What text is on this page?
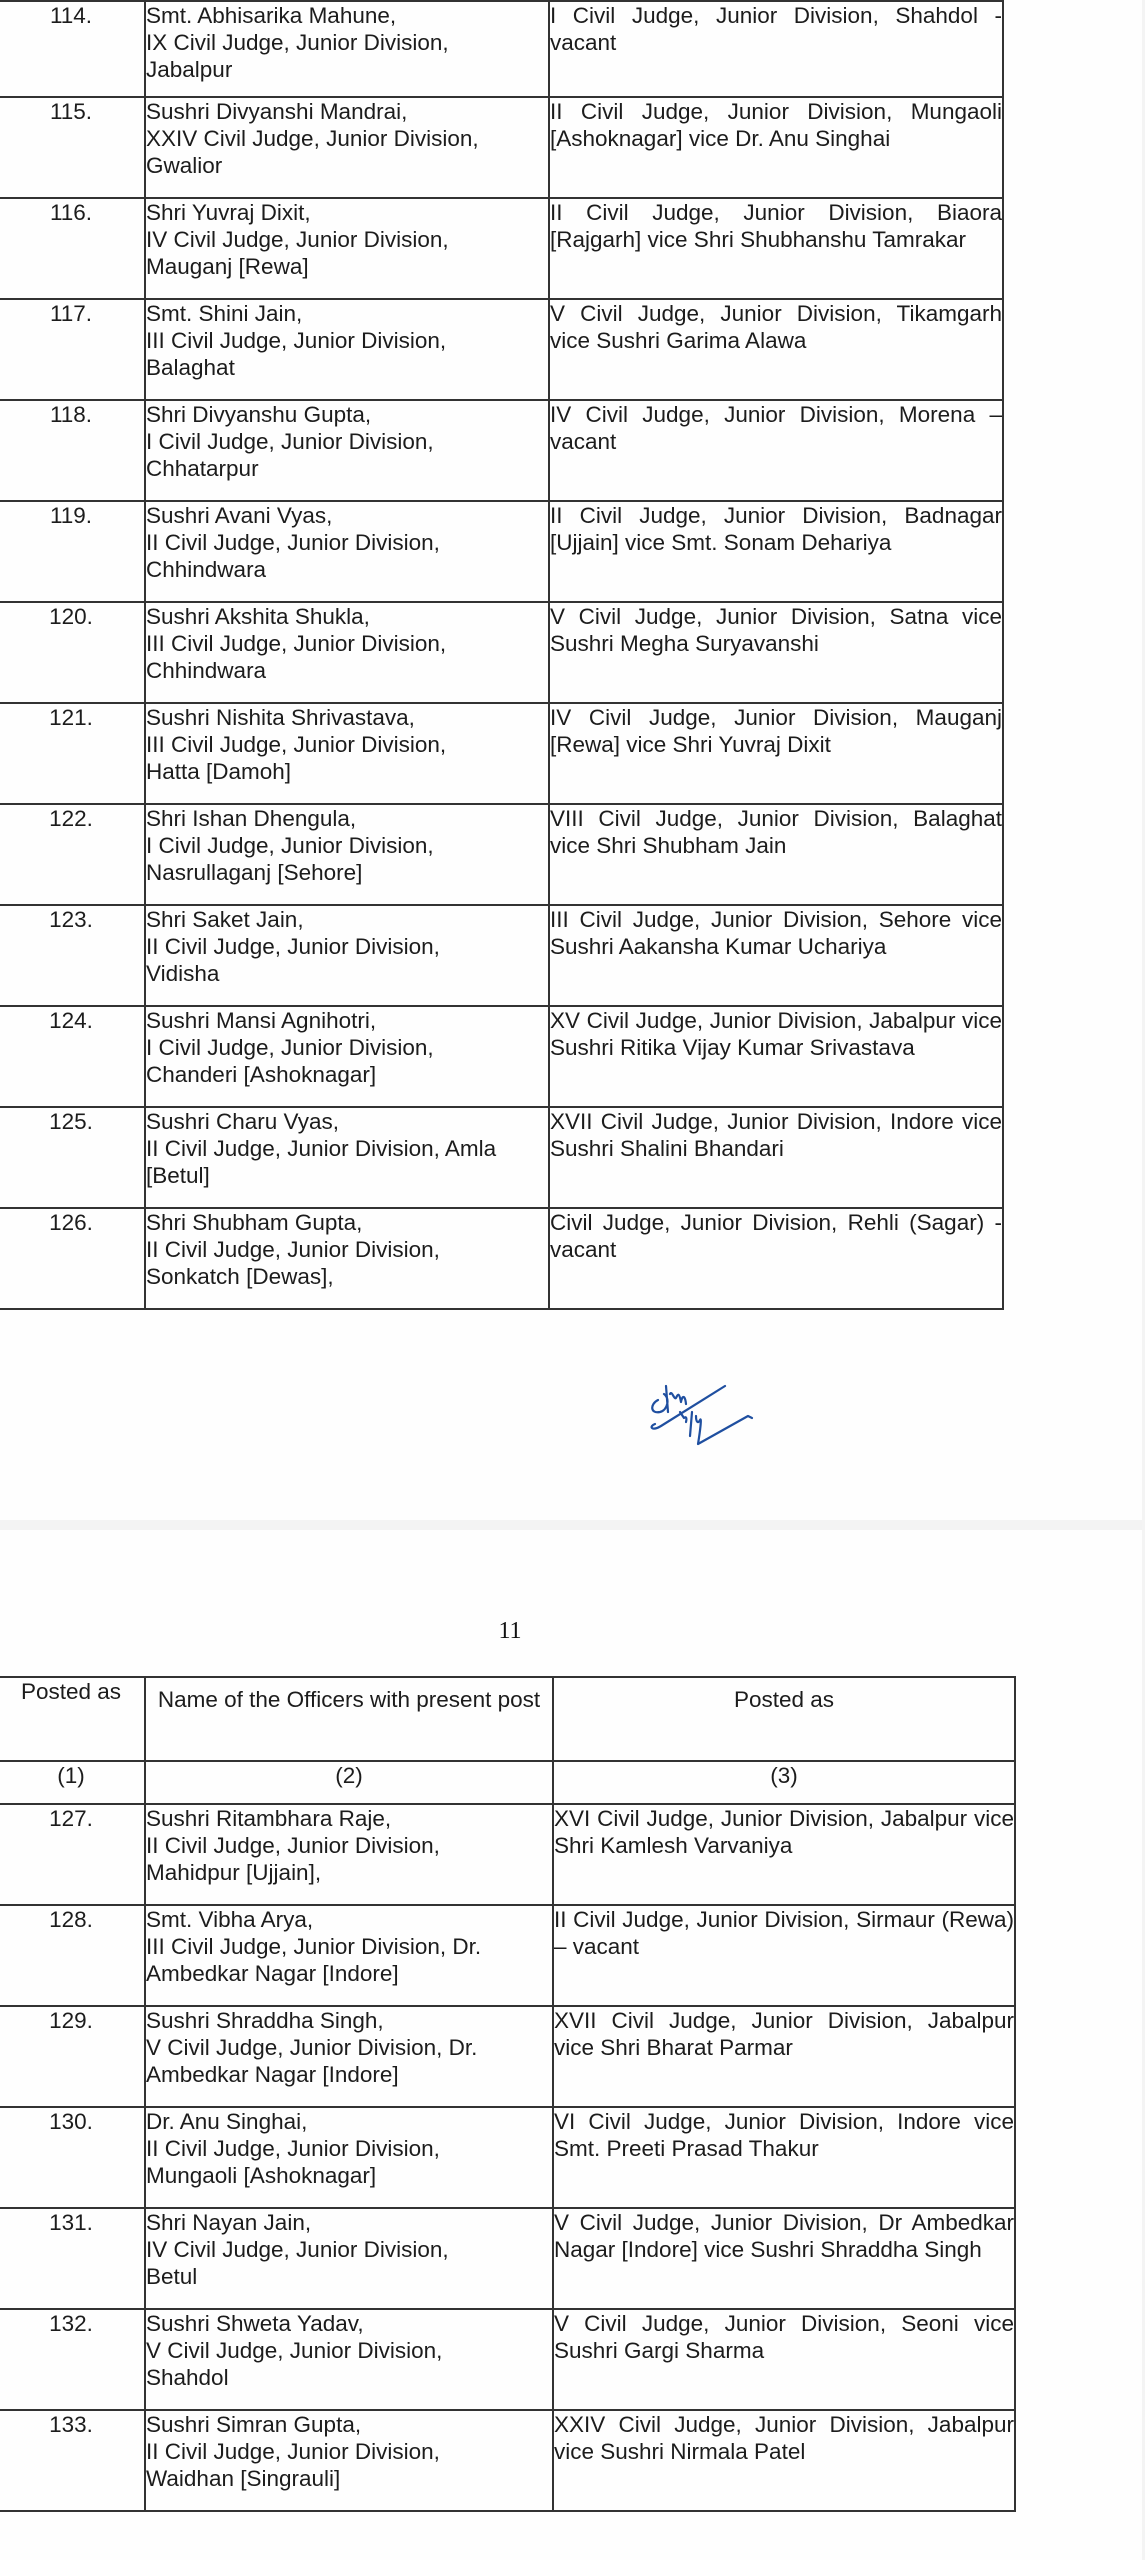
114.	Smt. Abhisarika Mahune,
IX Civil Judge, Junior Division,
Jabalpur	I Civil Judge, Junior Division, Shahdol - vacant
115.	Sushri Divyanshi Mandrai,
XXIV Civil Judge, Junior Division,
Gwalior	II Civil Judge, Junior Division, Mungaoli [Ashoknagar] vice Dr. Anu Singhai
116.	Shri Yuvraj Dixit,
IV Civil Judge, Junior Division,
Mauganj [Rewa]	II Civil Judge, Junior Division, Biaora [Rajgarh] vice Shri Shubhanshu Tamrakar
117.	Smt. Shini Jain,
III Civil Judge, Junior Division,
Balaghat	V Civil Judge, Junior Division, Tikamgarh vice Sushri Garima Alawa
118.	Shri Divyanshu Gupta,
I Civil Judge, Junior Division,
Chhatarpur	IV Civil Judge, Junior Division, Morena – vacant
119.	Sushri Avani Vyas,
II Civil Judge, Junior Division,
Chhindwara	II Civil Judge, Junior Division, Badnagar [Ujjain] vice Smt. Sonam Dehariya
120.	Sushri Akshita Shukla,
III Civil Judge, Junior Division,
Chhindwara	V Civil Judge, Junior Division, Satna vice Sushri Megha Suryavanshi
121.	Sushri Nishita Shrivastava,
III Civil Judge, Junior Division,
Hatta [Damoh]	IV Civil Judge, Junior Division, Mauganj [Rewa] vice Shri Yuvraj Dixit
122.	Shri Ishan Dhengula,
I Civil Judge, Junior Division,
Nasrullaganj [Sehore]	VIII Civil Judge, Junior Division, Balaghat vice Shri Shubham Jain
123.	Shri Saket Jain,
II Civil Judge, Junior Division,
Vidisha	III Civil Judge, Junior Division, Sehore vice Sushri Aakansha Kumar Uchariya
124.	Sushri Mansi Agnihotri,
I Civil Judge, Junior Division,
Chanderi [Ashoknagar]	XV Civil Judge, Junior Division, Jabalpur vice Sushri Ritika Vijay Kumar Srivastava
125.	Sushri Charu Vyas,
II Civil Judge, Junior Division, Amla
[Betul]	XVII Civil Judge, Junior Division, Indore vice Sushri Shalini Bhandari
126.	Shri Shubham Gupta,
II Civil Judge, Junior Division,
Sonkatch [Dewas],	Civil Judge, Junior Division, Rehli (Sagar) - vacant
11
Posted as	Name of the Officers with present post	Posted as
(1)	(2)	(3)
127.	Sushri Ritambhara Raje,
II Civil Judge, Junior Division,
Mahidpur [Ujjain],	XVI Civil Judge, Junior Division, Jabalpur vice Shri Kamlesh Varvaniya
128.	Smt. Vibha Arya,
III Civil Judge, Junior Division, Dr.
Ambedkar Nagar [Indore]	II Civil Judge, Junior Division, Sirmaur (Rewa) – vacant
129.	Sushri Shraddha Singh,
V Civil Judge, Junior Division, Dr.
Ambedkar Nagar [Indore]	XVII Civil Judge, Junior Division, Jabalpur vice Shri Bharat Parmar
130.	Dr. Anu Singhai,
II Civil Judge, Junior Division,
Mungaoli [Ashoknagar]	VI Civil Judge, Junior Division, Indore vice Smt. Preeti Prasad Thakur
131.	Shri Nayan Jain,
IV Civil Judge, Junior Division,
Betul	V Civil Judge, Junior Division, Dr Ambedkar Nagar [Indore] vice Sushri Shraddha Singh
132.	Sushri Shweta Yadav,
V Civil Judge, Junior Division,
Shahdol	V Civil Judge, Junior Division, Seoni vice Sushri Gargi Sharma
133.	Sushri Simran Gupta,
II Civil Judge, Junior Division,
Waidhan [Singrauli]	XXIV Civil Judge, Junior Division, Jabalpur vice Sushri Nirmala Patel
